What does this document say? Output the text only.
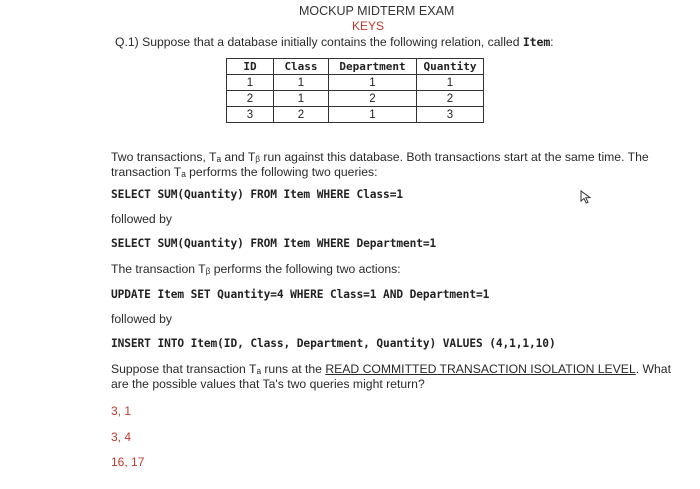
MOCKUP MIDTERM EXAM
KEYS
Q.1) Suppose that a database initially contains the following relation, called Item:
ID	Class	Department	Quantity
1	1	1	1
2	1	2	2
3	2	1	3
Two transactions, Tₐ and Tᵦ run against this database. Both transactions start at the same time. The
transaction Tₐ performs the following two queries:
SELECT SUM(Quantity) FROM Item WHERE Class=1
followed by
SELECT SUM(Quantity) FROM Item WHERE Department=1
The transaction Tᵦ performs the following two actions:
UPDATE Item SET Quantity=4 WHERE Class=1 AND Department=1
followed by
INSERT INTO Item(ID, Class, Department, Quantity) VALUES (4,1,1,10)
Suppose that transaction Tₐ runs at the READ COMMITTED TRANSACTION ISOLATION LEVEL. What
are the possible values that Ta's two queries might return?
3, 1
3, 4
16, 17
